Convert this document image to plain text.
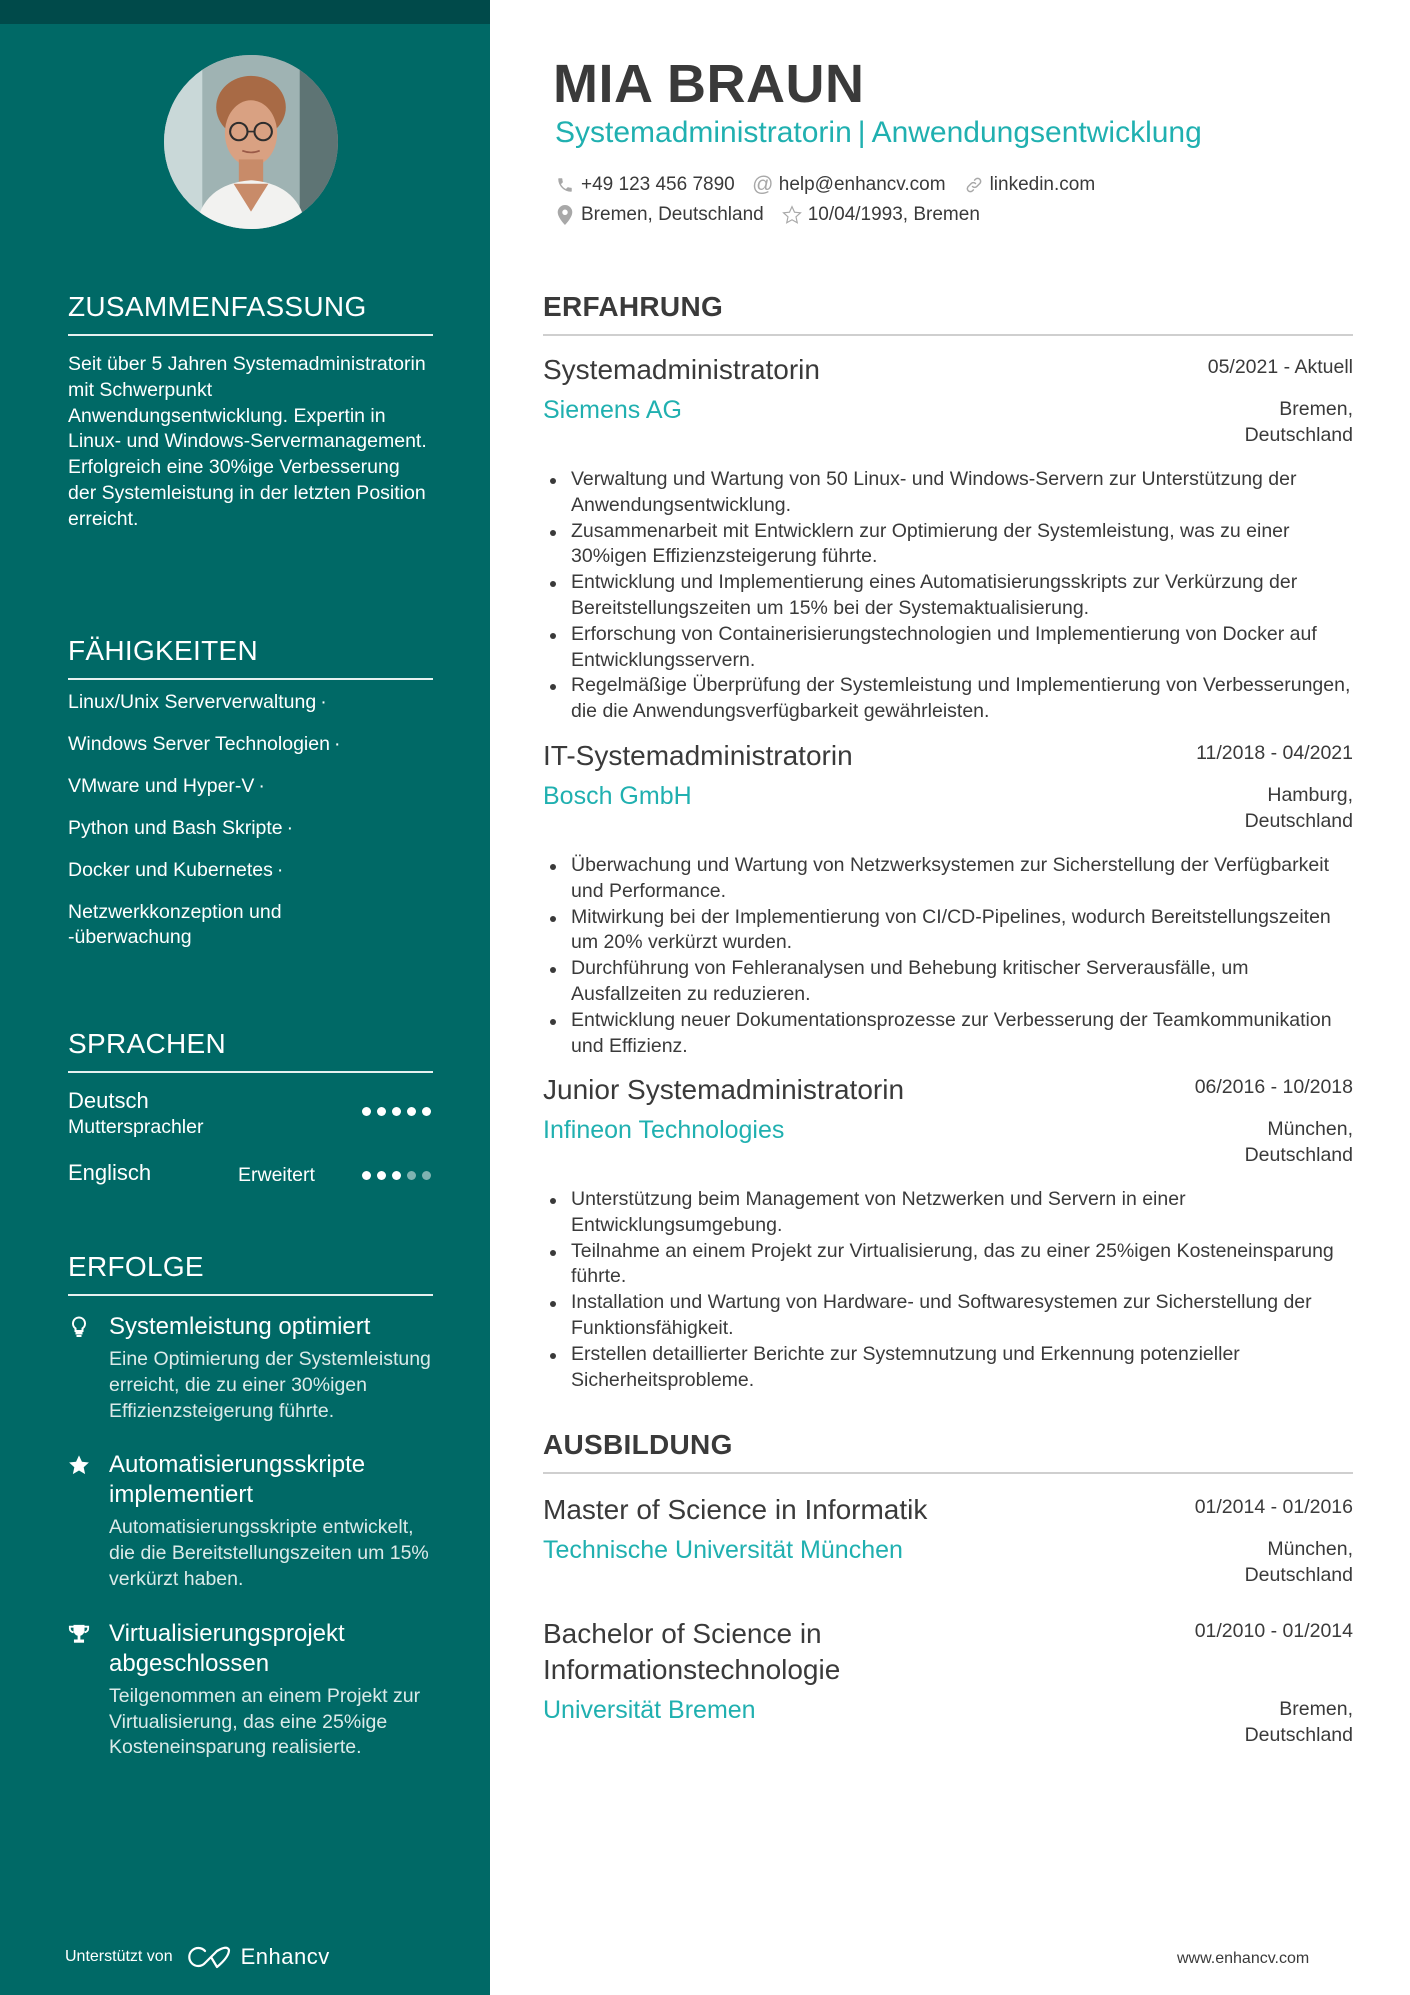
ZUSAMMENFASSUNG

Seit über 5 Jahren Systemadministratorin mit Schwerpunkt Anwendungsentwicklung. Expertin in Linux- und Windows-Servermanagement. Erfolgreich eine 30%ige Verbesserung der Systemleistung in der letzten Position erreicht.

FÄHIGKEITEN
Linux/Unix Serververwaltung ·
Windows Server Technologien ·
VMware und Hyper-V ·
Python und Bash Skripte ·
Docker und Kubernetes ·
Netzwerkkonzeption und -überwachung
SPRACHEN
Deutsch
Muttersprachler
Englisch	Erweitert
ERFOLGE
Systemleistung optimiert
Eine Optimierung der Systemleistung erreicht, die zu einer 30%igen Effizienzsteigerung führte.
Automatisierungsskripte implementiert
Automatisierungsskripte entwickelt, die die Bereitstellungszeiten um 15% verkürzt haben.
Virtualisierungsprojekt abgeschlossen
Teilgenommen an einem Projekt zur Virtualisierung, das eine 25%ige Kosteneinsparung realisierte.
Unterstützt von	Enhancv
MIA BRAUN
Systemadministratorin | Anwendungsentwicklung
+49 123 456 7890 @ help@enhancv.com linkedin.com
Bremen, Deutschland 10/04/1993, Bremen
ERFAHRUNG
Systemadministratorin	05/2021 - Aktuell
Siemens AG	Bremen, Deutschland
Verwaltung und Wartung von 50 Linux- und Windows-Servern zur Unterstützung der Anwendungsentwicklung.
Zusammenarbeit mit Entwicklern zur Optimierung der Systemleistung, was zu einer 30%igen Effizienzsteigerung führte.
Entwicklung und Implementierung eines Automatisierungsskripts zur Verkürzung der Bereitstellungszeiten um 15% bei der Systemaktualisierung.
Erforschung von Containerisierungstechnologien und Implementierung von Docker auf Entwicklungsservern.
Regelmäßige Überprüfung der Systemleistung und Implementierung von Verbesserungen, die die Anwendungsverfügbarkeit gewährleisten.
IT-Systemadministratorin	11/2018 - 04/2021
Bosch GmbH	Hamburg, Deutschland
Überwachung und Wartung von Netzwerksystemen zur Sicherstellung der Verfügbarkeit und Performance.
Mitwirkung bei der Implementierung von CI/CD-Pipelines, wodurch Bereitstellungszeiten um 20% verkürzt wurden.
Durchführung von Fehleranalysen und Behebung kritischer Serverausfälle, um Ausfallzeiten zu reduzieren.
Entwicklung neuer Dokumentationsprozesse zur Verbesserung der Teamkommunikation und Effizienz.
Junior Systemadministratorin	06/2016 - 10/2018
Infineon Technologies	München, Deutschland
Unterstützung beim Management von Netzwerken und Servern in einer Entwicklungsumgebung.
Teilnahme an einem Projekt zur Virtualisierung, das zu einer 25%igen Kosteneinsparung führte.
Installation und Wartung von Hardware- und Softwaresystemen zur Sicherstellung der Funktionsfähigkeit.
Erstellen detaillierter Berichte zur Systemnutzung und Erkennung potenzieller Sicherheitsprobleme.
AUSBILDUNG
Master of Science in Informatik	01/2014 - 01/2016
Technische Universität München	München, Deutschland
Bachelor of Science in Informationstechnologie
01/2010 - 01/2014
Universität Bremen	Bremen, Deutschland
www.enhancv.com
